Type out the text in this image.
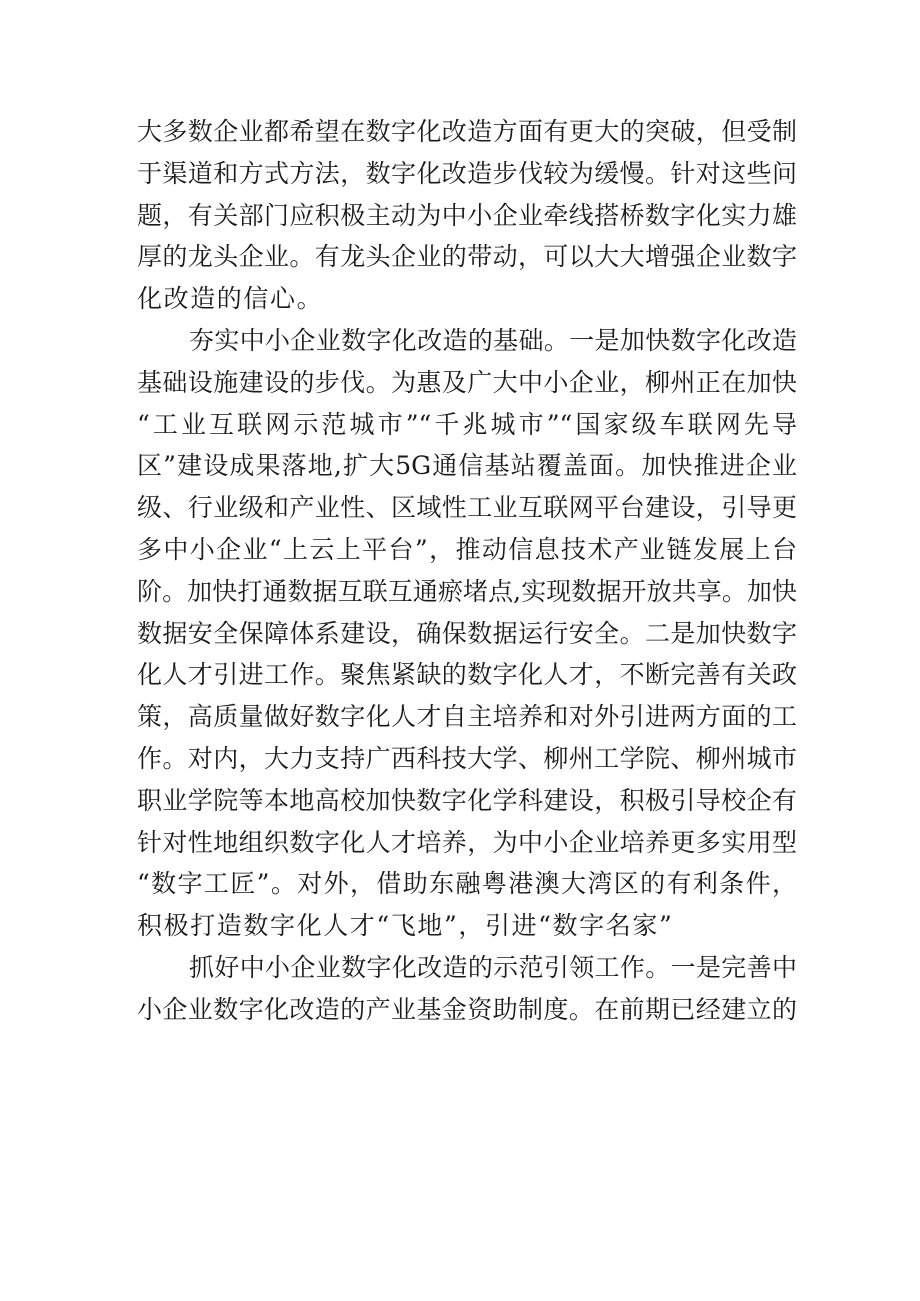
大多数企业都希望在数字化改造方面有更大的突破，但受制
于渠道和方式方法，数字化改造步伐较为缓慢。针对这些问
题，有关部门应积极主动为中小企业牵线搭桥数字化实力雄
厚的龙头企业。有龙头企业的带动，可以大大增强企业数字
化改造的信心。
夯实中小企业数字化改造的基础。一是加快数字化改造
基础设施建设的步伐。为惠及广大中小企业，柳州正在加快
“工业互联网示范城市”“千兆城市”“国家级车联网先导
区”建设成果落地,扩大5G通信基站覆盖面。加快推进企业
级、行业级和产业性、区域性工业互联网平台建设，引导更
多中小企业“上云上平台”，推动信息技术产业链发展上台
阶。加快打通数据互联互通瘀堵点,实现数据开放共享。加快
数据安全保障体系建设，确保数据运行安全。二是加快数字
化人才引进工作。聚焦紧缺的数字化人才，不断完善有关政
策，高质量做好数字化人才自主培养和对外引进两方面的工
作。对内，大力支持广西科技大学、柳州工学院、柳州城市
职业学院等本地高校加快数字化学科建设，积极引导校企有
针对性地组织数字化人才培养，为中小企业培养更多实用型
“数字工匠”。对外，借助东融粤港澳大湾区的有利条件，
积极打造数字化人才“飞地”，引进“数字名家”
抓好中小企业数字化改造的示范引领工作。一是完善中
小企业数字化改造的产业基金资助制度。在前期已经建立的
